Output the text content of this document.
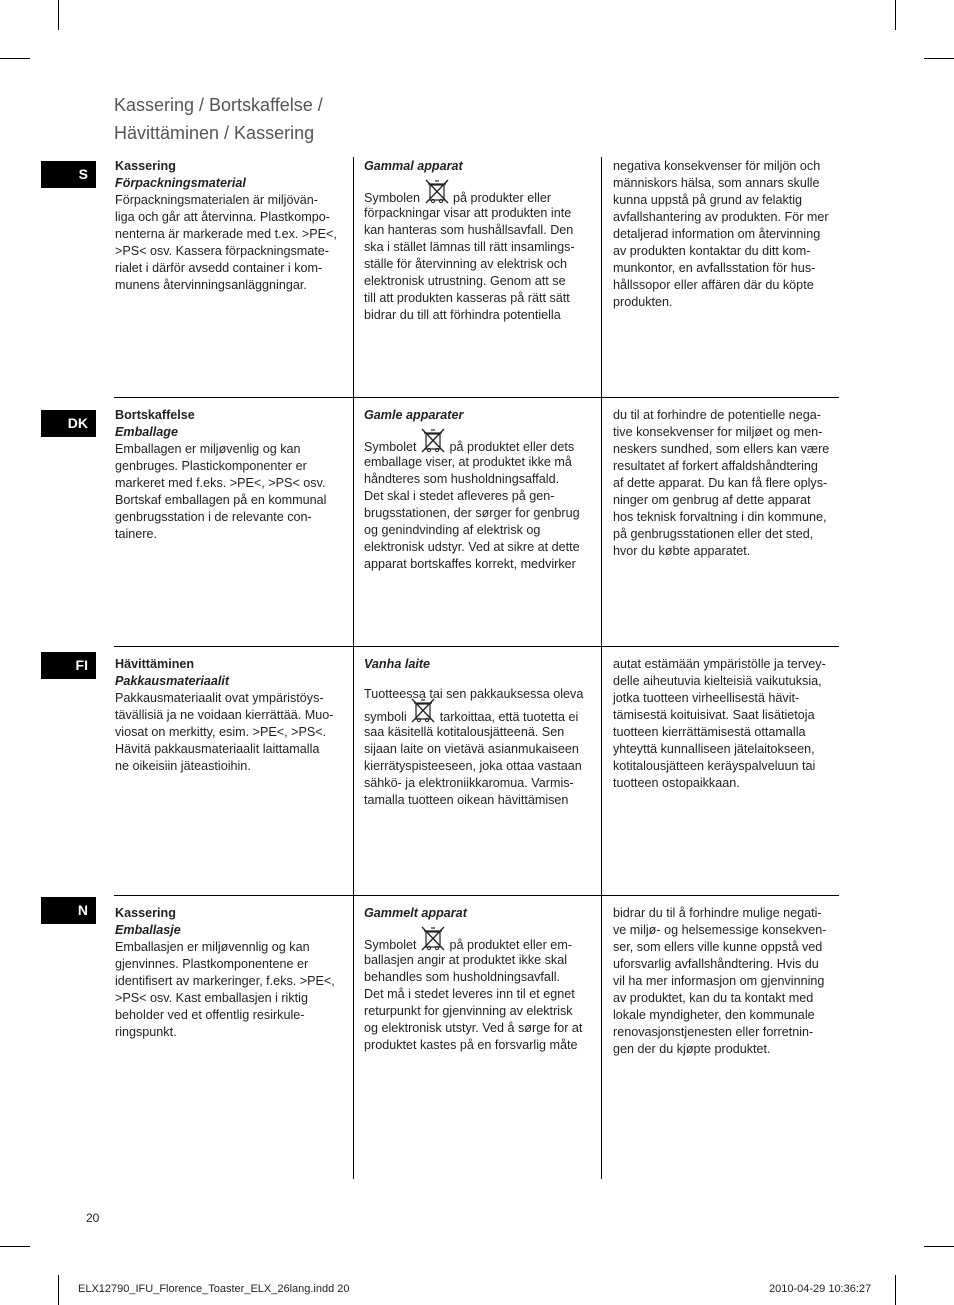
Kassering / Bortskaffelse /
Hävittäminen / Kassering
S	Kassering
Förpackningsmaterial
Förpackningsmaterialen är miljövän-
liga och går att återvinna. Plastkompo-
nenterna är markerade med t.ex. >PE<,
>PS< osv. Kassera förpackningsmate-
rialet i därför avsedd container i kom-
munens återvinningsanläggningar.
Gammal apparat
Symbolen	på produkter eller
förpackningar visar att produkten inte
kan hanteras som hushållsavfall. Den
ska i stället lämnas till rätt insamlings-
ställe för återvinning av elektrisk och
elektronisk utrustning. Genom att se
till att produkten kasseras på rätt sätt
bidrar du till att förhindra potentiella
negativa konsekvenser för miljön och
människors hälsa, som annars skulle
kunna uppstå på grund av felaktig
avfallshantering av produkten. För mer
detaljerad information om återvinning
av produkten kontaktar du ditt kom-
munkontor, en avfallsstation för hus-
hållssopor eller affären där du köpte
produkten.
DK	Bortskaffelse
Emballage
Emballagen er miljøvenlig og kan
genbruges. Plastickomponenter er
markeret med f.eks. >PE<, >PS< osv.
Bortskaf emballagen på en kommunal
genbrugsstation i de relevante con-
tainere.
Gamle apparater
Symbolet	på produktet eller dets
emballage viser, at produktet ikke må
håndteres som husholdningsaffald.
Det skal i stedet afleveres på gen-
brugsstationen, der sørger for genbrug
og genindvinding af elektrisk og
elektronisk udstyr. Ved at sikre at dette
apparat bortskaffes korrekt, medvirker
du til at forhindre de potentielle nega-
tive konsekvenser for miljøet og men-
neskers sundhed, som ellers kan være
resultatet af forkert affaldshåndtering
af dette apparat. Du kan få flere oplys-
ninger om genbrug af dette apparat
hos teknisk forvaltning i din kommune,
på genbrugsstationen eller det sted,
hvor du købte apparatet.
FI	Hävittäminen
Pakkausmateriaalit
Pakkausmateriaalit ovat ympäristöys-
tävällisiä ja ne voidaan kierrättää. Muo-
viosat on merkitty, esim. >PE<, >PS<.
Hävitä pakkausmateriaalit laittamalla
ne oikeisiin jäteastioihin.
Vanha laite
Tuotteessa tai sen pakkauksessa oleva
symboli	tarkoittaa, että tuotetta ei
saa käsitellä kotitalousjätteenä. Sen
sijaan laite on vietävä asianmukaiseen
kierrätyspisteeseen, joka ottaa vastaan
sähkö- ja elektroniikkaromua. Varmis-
tamalla tuotteen oikean hävittämisen
autat estämään ympäristölle ja tervey-
delle aiheutuvia kielteisiä vaikutuksia,
jotka tuotteen virheellisestä hävit-
tämisestä koituisivat. Saat lisätietoja
tuotteen kierrättämisestä ottamalla
yhteyttä kunnalliseen jätelaitokseen,
kotitalousjätteen keräyspalveluun tai
tuotteen ostopaikkaan.
N	Kassering
Emballasje
Emballasjen er miljøvennlig og kan
gjenvinnes. Plastkomponentene er
identifisert av markeringer, f.eks. >PE<,
>PS< osv. Kast emballasjen i riktig
beholder ved et offentlig resirkule-
ringspunkt.
Gammelt apparat
Symbolet	på produktet eller em-
ballasjen angir at produktet ikke skal
behandles som husholdningsavfall.
Det må i stedet leveres inn til et egnet
returpunkt for gjenvinning av elektrisk
og elektronisk utstyr. Ved å sørge for at
produktet kastes på en forsvarlig måte
bidrar du til å forhindre mulige negati-
ve miljø- og helsemessige konsekven-
ser, som ellers ville kunne oppstå ved
uforsvarlig avfallshåndtering. Hvis du
vil ha mer informasjon om gjenvinning
av produktet, kan du ta kontakt med
lokale myndigheter, den kommunale
renovasjonstjenesten eller forretnin-
gen der du kjøpte produktet.
20
ELX12790_IFU_Florence_Toaster_ELX_26lang.indd 20	2010-04-29 10:36:27
